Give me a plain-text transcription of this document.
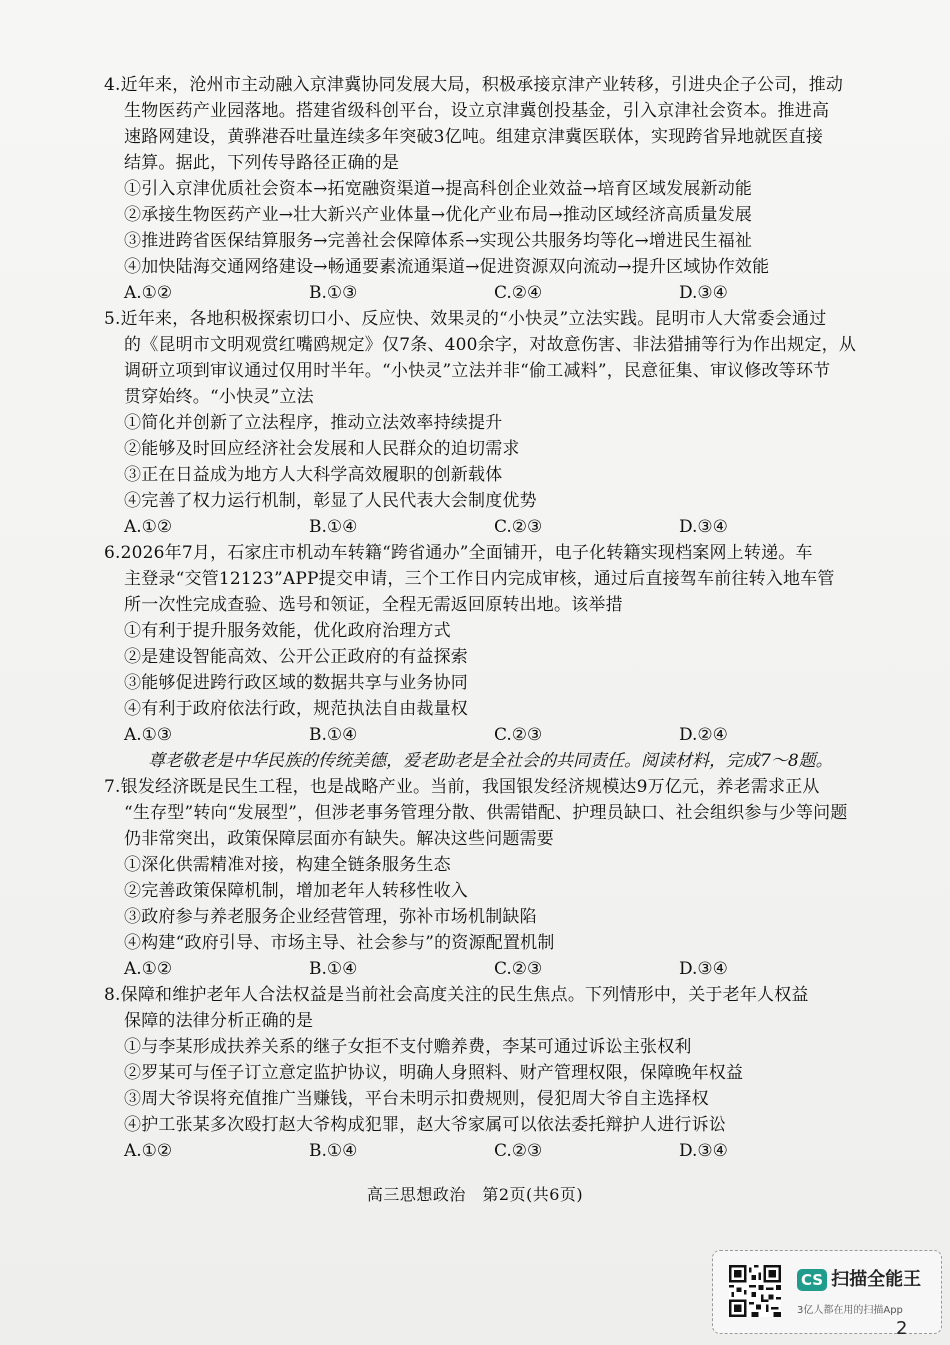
4.近年来，沧州市主动融入京津冀协同发展大局，积极承接京津产业转移，引进央企子公司，推动
生物医药产业园落地。搭建省级科创平台，设立京津冀创投基金，引入京津社会资本。推进高
速路网建设，黄骅港吞吐量连续多年突破3亿吨。组建京津冀医联体，实现跨省异地就医直接
结算。据此，下列传导路径正确的是
①引入京津优质社会资本→拓宽融资渠道→提高科创企业效益→培育区域发展新动能
②承接生物医药产业→壮大新兴产业体量→优化产业布局→推动区域经济高质量发展
③推进跨省医保结算服务→完善社会保障体系→实现公共服务均等化→增进民生福祉
④加快陆海交通网络建设→畅通要素流通渠道→促进资源双向流动→提升区域协作效能
A.①②	B.①③	C.②④	D.③④
5.近年来，各地积极探索切口小、反应快、效果灵的“小快灵”立法实践。昆明市人大常委会通过
的《昆明市文明观赏红嘴鸥规定》仅7条、400余字，对故意伤害、非法猎捕等行为作出规定，从
调研立项到审议通过仅用时半年。“小快灵”立法并非“偷工减料”，民意征集、审议修改等环节
贯穿始终。“小快灵”立法
①简化并创新了立法程序，推动立法效率持续提升
②能够及时回应经济社会发展和人民群众的迫切需求
③正在日益成为地方人大科学高效履职的创新载体
④完善了权力运行机制，彰显了人民代表大会制度优势
A.①②	B.①④	C.②③	D.③④
6.2026年7月，石家庄市机动车转籍“跨省通办”全面铺开，电子化转籍实现档案网上转递。车
主登录“交管12123”APP提交申请，三个工作日内完成审核，通过后直接驾车前往转入地车管
所一次性完成查验、选号和领证，全程无需返回原转出地。该举措
①有利于提升服务效能，优化政府治理方式
②是建设智能高效、公开公正政府的有益探索
③能够促进跨行政区域的数据共享与业务协同
④有利于政府依法行政，规范执法自由裁量权
A.①③	B.①④	C.②③	D.②④
尊老敬老是中华民族的传统美德，爱老助老是全社会的共同责任。阅读材料，完成7～8题。
7.银发经济既是民生工程，也是战略产业。当前，我国银发经济规模达9万亿元，养老需求正从
“生存型”转向“发展型”，但涉老事务管理分散、供需错配、护理员缺口、社会组织参与少等问题
仍非常突出，政策保障层面亦有缺失。解决这些问题需要
①深化供需精准对接，构建全链条服务生态
②完善政策保障机制，增加老年人转移性收入
③政府参与养老服务企业经营管理，弥补市场机制缺陷
④构建“政府引导、市场主导、社会参与”的资源配置机制
A.①②	B.①④	C.②③	D.③④
8.保障和维护老年人合法权益是当前社会高度关注的民生焦点。下列情形中，关于老年人权益
保障的法律分析正确的是
①与李某形成扶养关系的继子女拒不支付赡养费，李某可通过诉讼主张权利
②罗某可与侄子订立意定监护协议，明确人身照料、财产管理权限，保障晚年权益
③周大爷误将充值推广当赚钱，平台未明示扣费规则，侵犯周大爷自主选择权
④护工张某多次殴打赵大爷构成犯罪，赵大爷家属可以依法委托辩护人进行诉讼
A.①②	B.①④	C.②③	D.③④
高三思想政治　第2页(共6页)
CS 扫描全能王
3亿人都在用的扫描App
2
